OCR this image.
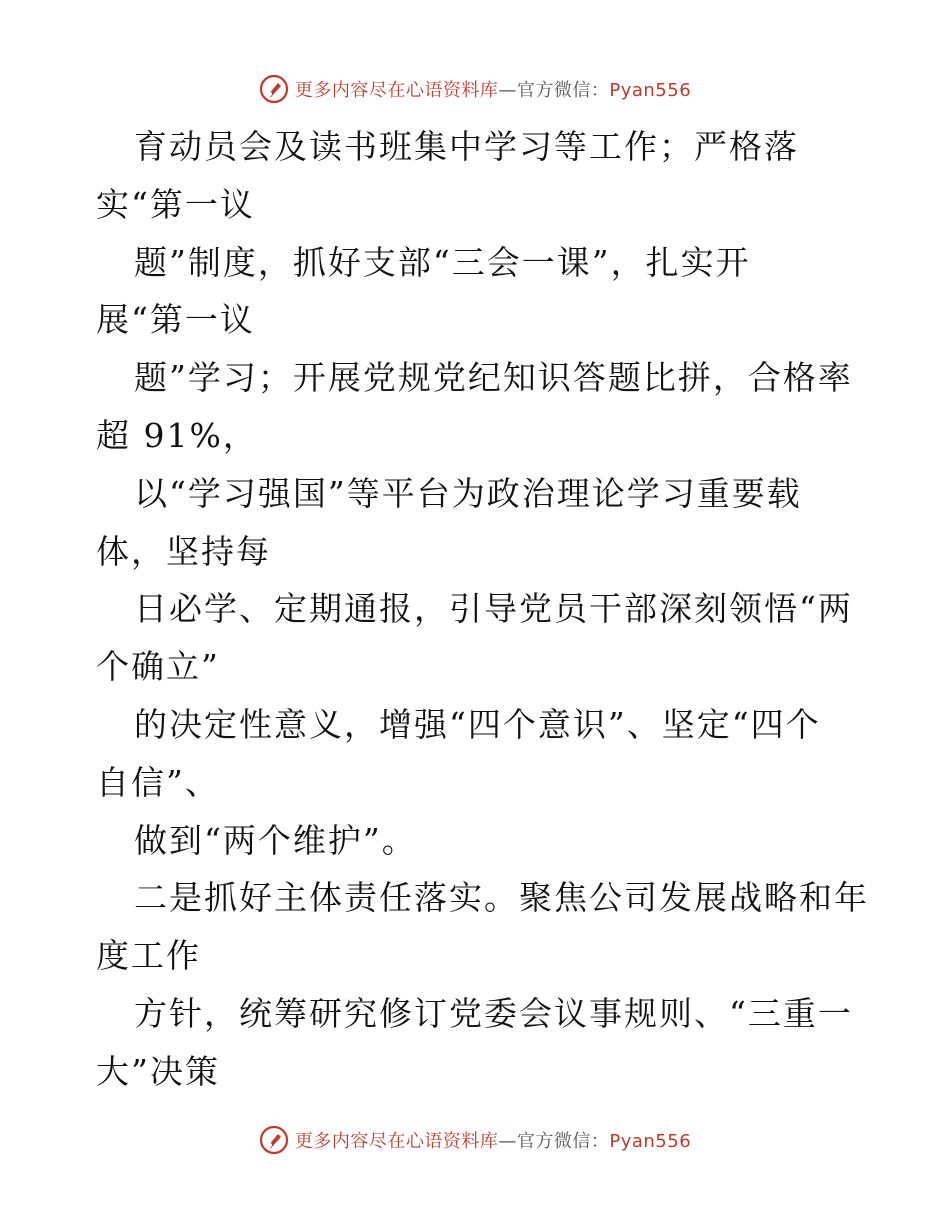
更多内容尽在心语资料库—官方微信：Pyan556
育动员会及读书班集中学习等工作；严格落
实“第一议
题”制度，抓好支部“三会一课”，扎实开
展“第一议
题”学习；开展党规党纪知识答题比拼，合格率
超 91%，
以“学习强国”等平台为政治理论学习重要载
体，坚持每
日必学、定期通报，引导党员干部深刻领悟“两
个确立”
的决定性意义，增强“四个意识”、坚定“四个
自信”、
做到“两个维护”。
二是抓好主体责任落实。聚焦公司发展战略和年
度工作
方针，统筹研究修订党委会议事规则、“三重一
大”决策
更多内容尽在心语资料库—官方微信：Pyan556
